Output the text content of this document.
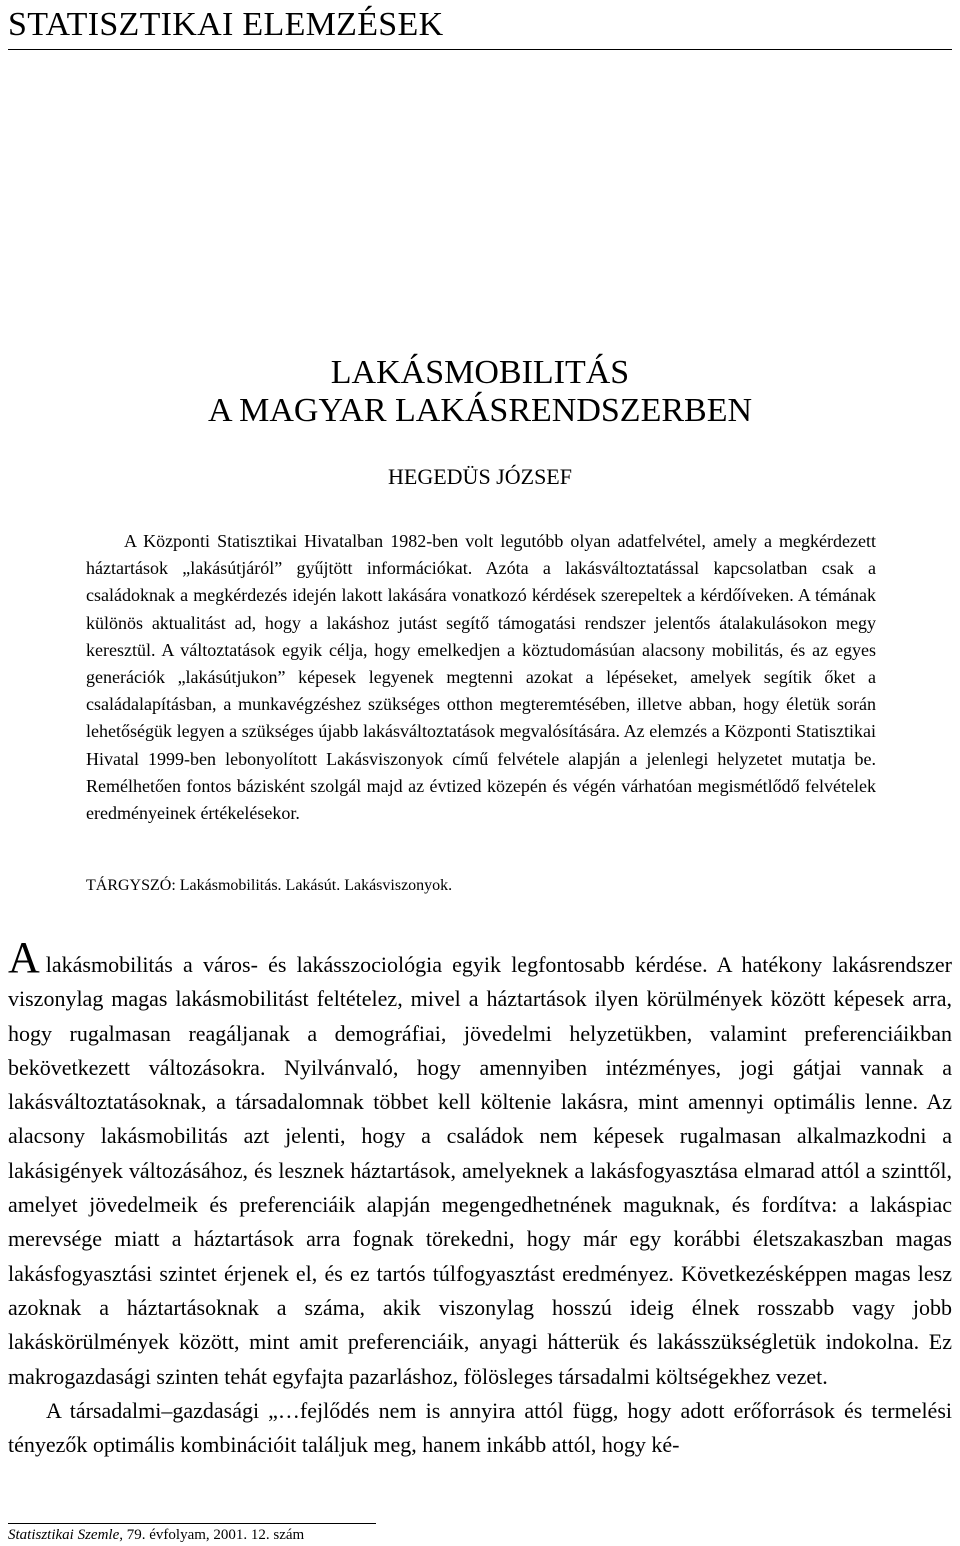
STATISZTIKAI ELEMZÉSEK
LAKÁSMOBILITÁS
A MAGYAR LAKÁSRENDSZERBEN
HEGEDÜS JÓZSEF

A Központi Statisztikai Hivatalban 1982-ben volt legutóbb olyan adatfelvétel, amely a megkérdezett háztartások „lakásútjáról” gyűjtött információkat. Azóta a lakásváltoztatással kapcsolatban csak a családoknak a megkérdezés idején lakott lakására vonatkozó kérdések szerepeltek a kérdőíveken. A témának különös aktualitást ad, hogy a lakáshoz jutást segítő támogatási rendszer jelentős átalakulásokon megy keresztül. A változtatások egyik célja, hogy emelkedjen a köztudomásúan alacsony mobilitás, és az egyes generációk „lakásútjukon” képesek legyenek megtenni azokat a lépéseket, amelyek segítik őket a családalapításban, a munkavégzéshez szükséges otthon megteremtésében, illetve abban, hogy életük során lehetőségük legyen a szükséges újabb lakásváltoztatások megvalósítására. Az elemzés a Központi Statisztikai Hivatal 1999-ben lebonyolított Lakásviszonyok című felvétele alapján a jelenlegi helyzetet mutatja be. Remélhetően fontos bázisként szolgál majd az évtized közepén és végén várhatóan megismétlődő felvételek eredményeinek értékelésekor.

TÁRGYSZÓ: Lakásmobilitás. Lakásút. Lakásviszonyok.

Alakásmobilitás a város- és lakásszociológia egyik legfontosabb kérdése. A hatékony lakásrendszer viszonylag magas lakásmobilitást feltételez, mivel a háztartások ilyen körülmények között képesek arra, hogy rugalmasan reagáljanak a demográfiai, jövedelmi helyzetükben, valamint preferenciáikban bekövetkezett változásokra. Nyilvánvaló, hogy amennyiben intézményes, jogi gátjai vannak a lakásváltoztatásoknak, a társadalomnak többet kell költenie lakásra, mint amennyi optimális lenne. Az alacsony lakásmobilitás azt jelenti, hogy a családok nem képesek rugalmasan alkalmazkodni a lakásigények változásához, és lesznek háztartások, amelyeknek a lakásfogyasztása elmarad attól a szinttől, amelyet jövedelmeik és preferenciáik alapján megengedhetnének maguknak, és fordítva: a lakáspiac merevsége miatt a háztartások arra fognak törekedni, hogy már egy korábbi életszakaszban magas lakásfogyasztási szintet érjenek el, és ez tartós túlfogyasztást eredményez. Következésképpen magas lesz azoknak a háztartásoknak a száma, akik viszonylag hosszú ideig élnek rosszabb vagy jobb lakáskörülmények között, mint amit preferenciáik, anyagi hátterük és lakásszükségletük indokolna. Ez makrogazdasági szinten tehát egyfajta pazarláshoz, fölösleges társadalmi költségekhez vezet.

A társadalmi–gazdasági „…fejlődés nem is annyira attól függ, hogy adott erőforrások és termelési tényezők optimális kombinációit találjuk meg, hanem inkább attól, hogy ké-

Statisztikai Szemle, 79. évfolyam, 2001. 12. szám
